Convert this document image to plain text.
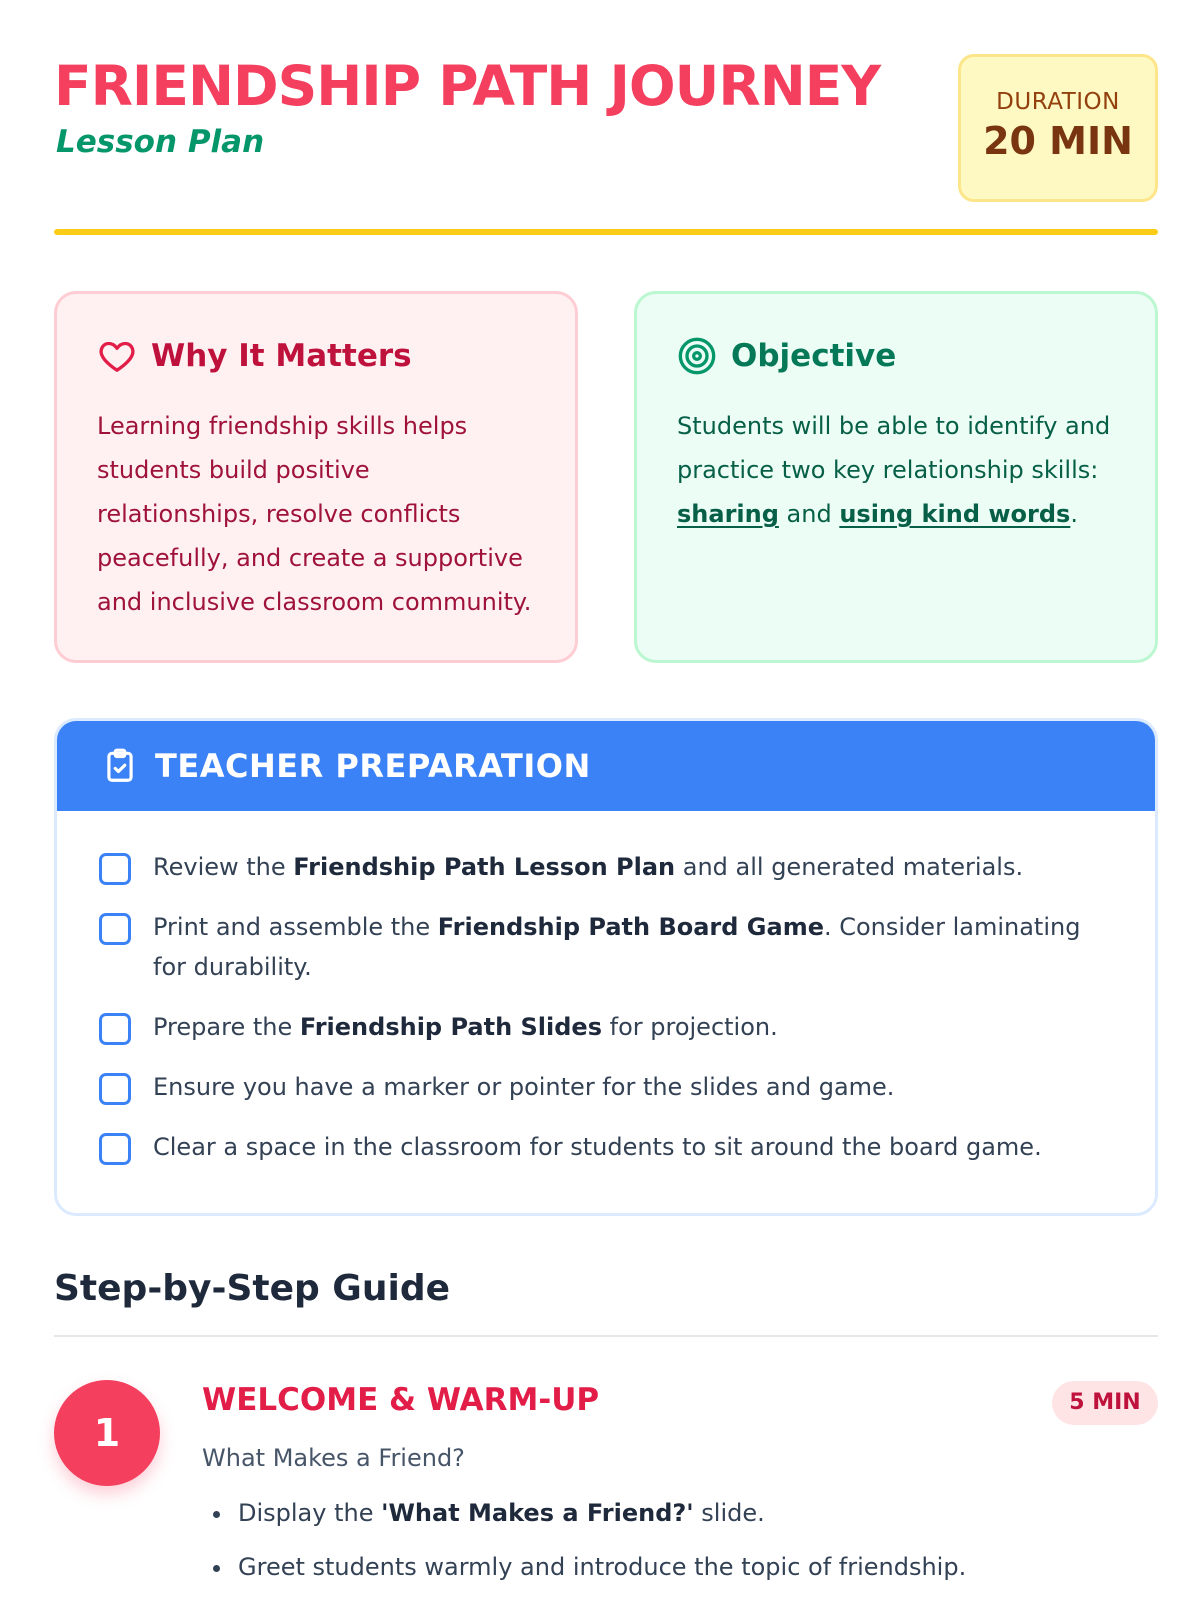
FRIENDSHIP PATH JOURNEY
Lesson Plan
DURATION
20 MIN
Why It Matters

Learning friendship skills helps students build positive relationships, resolve conflicts peacefully, and create a supportive and inclusive classroom community.

Objective

Students will be able to identify and practice two key relationship skills: sharing and using kind words.

TEACHER PREPARATION
Review the Friendship Path Lesson Plan and all generated materials.
Print and assemble the Friendship Path Board Game. Consider laminating for durability.
Prepare the Friendship Path Slides for projection.
Ensure you have a marker or pointer for the slides and game.
Clear a space in the classroom for students to sit around the board game.
Step-by-Step Guide
1
WELCOME & WARM-UP	5 MIN
What Makes a Friend?
• Display the 'What Makes a Friend?' slide.
• Greet students warmly and introduce the topic of friendship.
